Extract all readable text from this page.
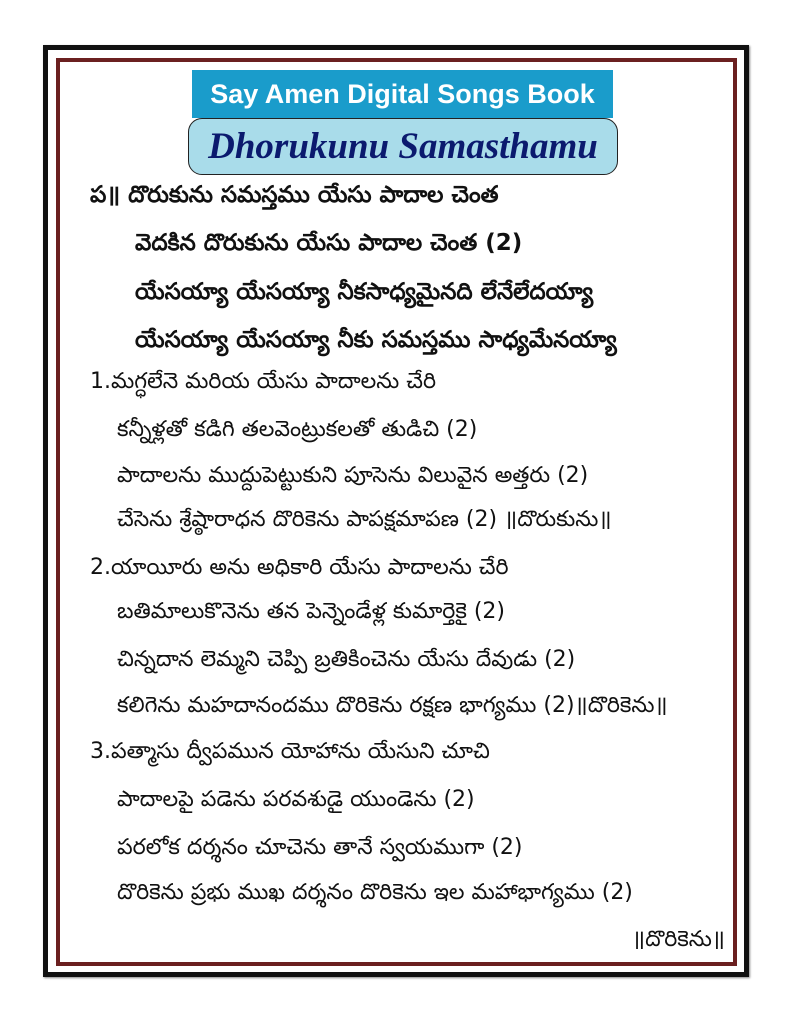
Say Amen Digital Songs Book
Dhorukunu Samasthamu
ప॥ దొరుకును సమస్తము యేసు పాదాల చెంత
వెదకిన దొరుకును యేసు పాదాల చెంత (2)
యేసయ్యా యేసయ్యా నీకసాధ్యమైనది లేనేలేదయ్యా
యేసయ్యా యేసయ్యా నీకు సమస్తము సాధ్యమేనయ్యా
1.మగ్ధలేనె మరియ యేసు పాదాలను చేరి
కన్నీళ్లతో కడిగి తలవెంట్రుకలతో తుడిచి (2)
పాదాలను ముద్దుపెట్టుకుని పూసెను విలువైన అత్తరు (2)
చేసెను శ్రేష్ఠారాధన దొరికెను పాపక్షమాపణ (2) ॥దొరుకును॥
2.యాయీరు అను అధికారి యేసు పాదాలను చేరి
బతిమాలుకొనెను తన పెన్నెండేళ్ల కుమార్తెకై (2)
చిన్నదాన లెమ్మని చెప్పి బ్రతికించెను యేసు దేవుడు (2)
కలిగెను మహదానందము దొరికెను రక్షణ భాగ్యము (2)॥దొరికెను॥
3.పత్మాసు ద్వీపమున యోహాను యేసుని చూచి
పాదాలపై పడెను పరవశుడై యుండెను (2)
పరలోక దర్శనం చూచెను తానే స్వయముగా (2)
దొరికెను ప్రభు ముఖ దర్శనం దొరికెను ఇల మహాభాగ్యము (2)
॥దొరికెను॥
